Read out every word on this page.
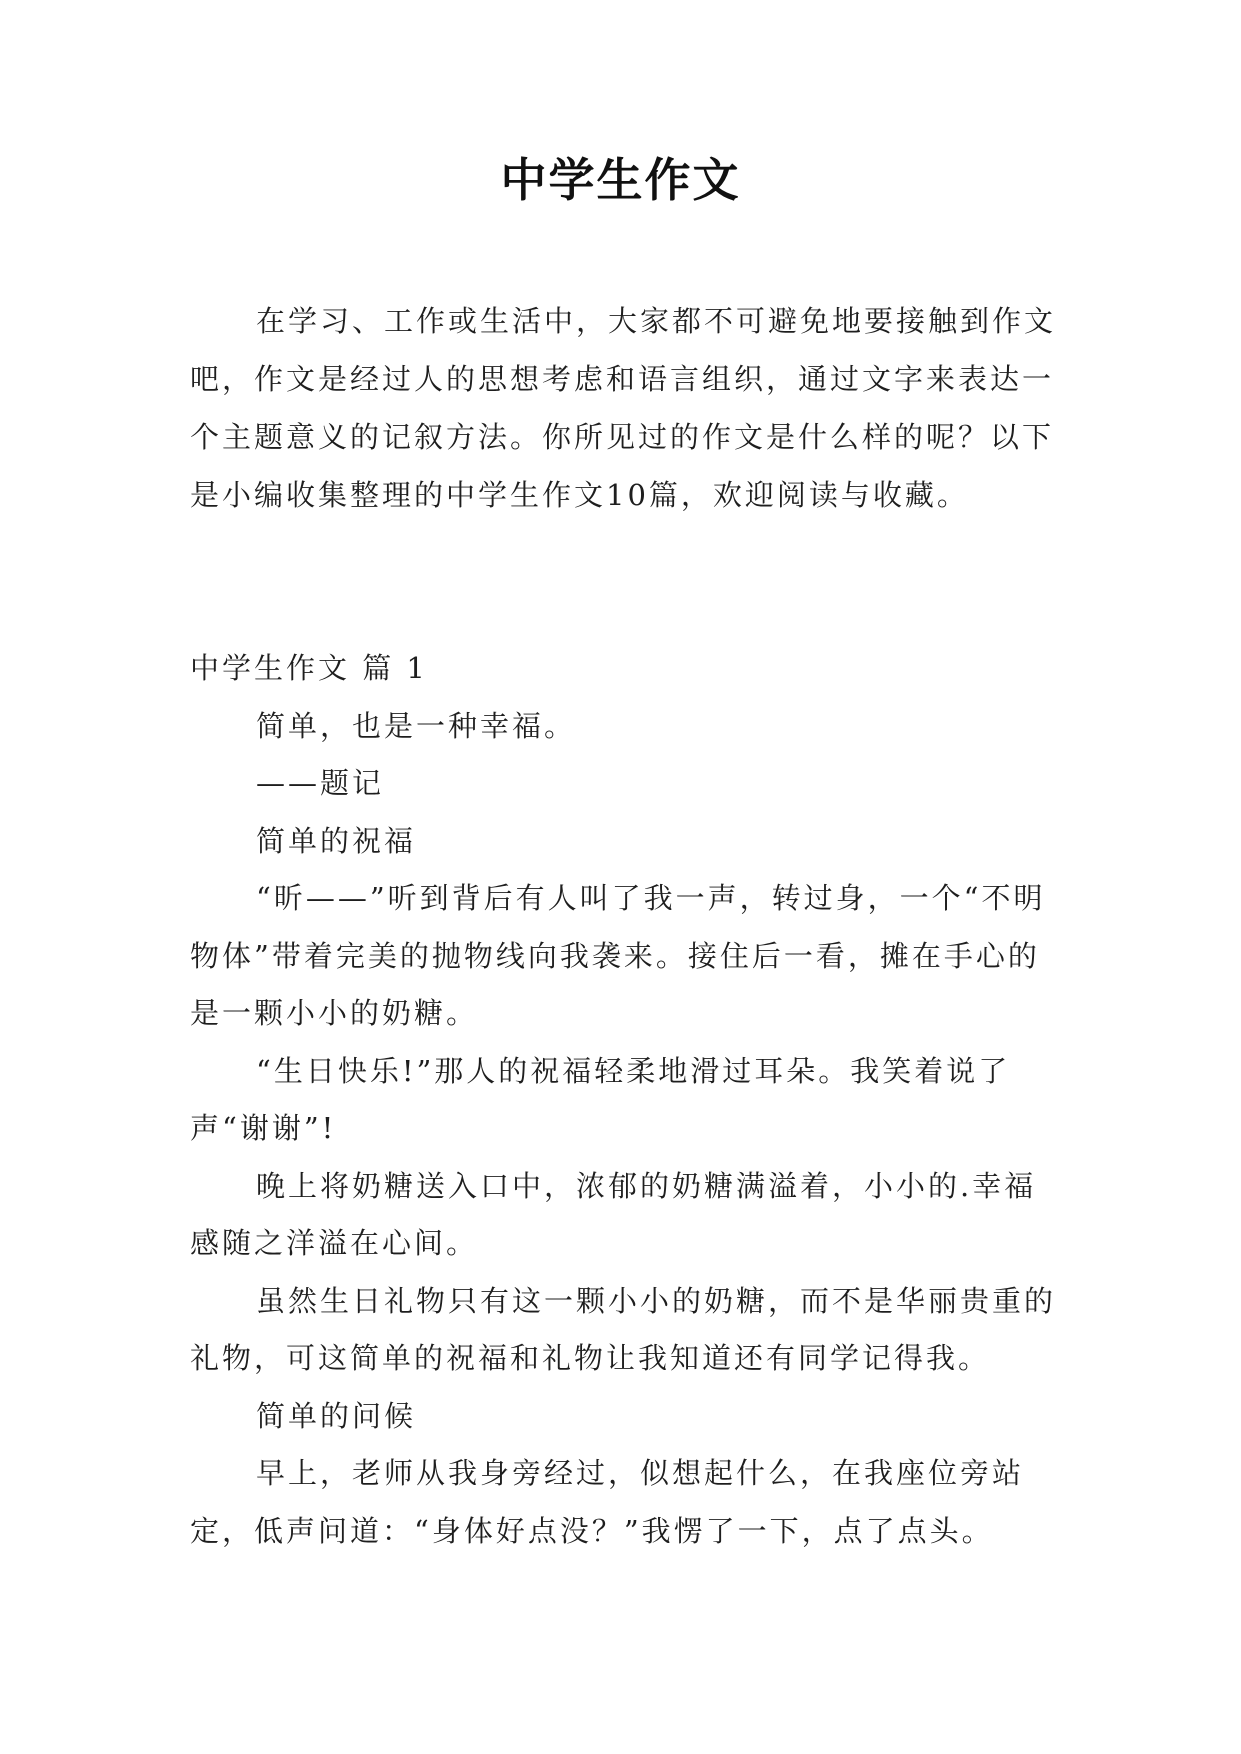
中学生作文

在学习、工作或生活中，大家都不可避免地要接触到作文吧，作文是经过人的思想考虑和语言组织，通过文字来表达一个主题意义的记叙方法。你所见过的作文是什么样的呢？以下是小编收集整理的中学生作文10篇，欢迎阅读与收藏。

中学生作文 篇 1

简单，也是一种幸福。

——题记

简单的祝福

“昕——”听到背后有人叫了我一声，转过身，一个“不明物体”带着完美的抛物线向我袭来。接住后一看，摊在手心的是一颗小小的奶糖。

“生日快乐!”那人的祝福轻柔地滑过耳朵。我笑着说了声“谢谢”!

晚上将奶糖送入口中，浓郁的奶糖满溢着，小小的.幸福感随之洋溢在心间。

虽然生日礼物只有这一颗小小的奶糖，而不是华丽贵重的礼物，可这简单的祝福和礼物让我知道还有同学记得我。

简单的问候

早上，老师从我身旁经过，似想起什么，在我座位旁站定，低声问道：“身体好点没？”我愣了一下，点了点头。
